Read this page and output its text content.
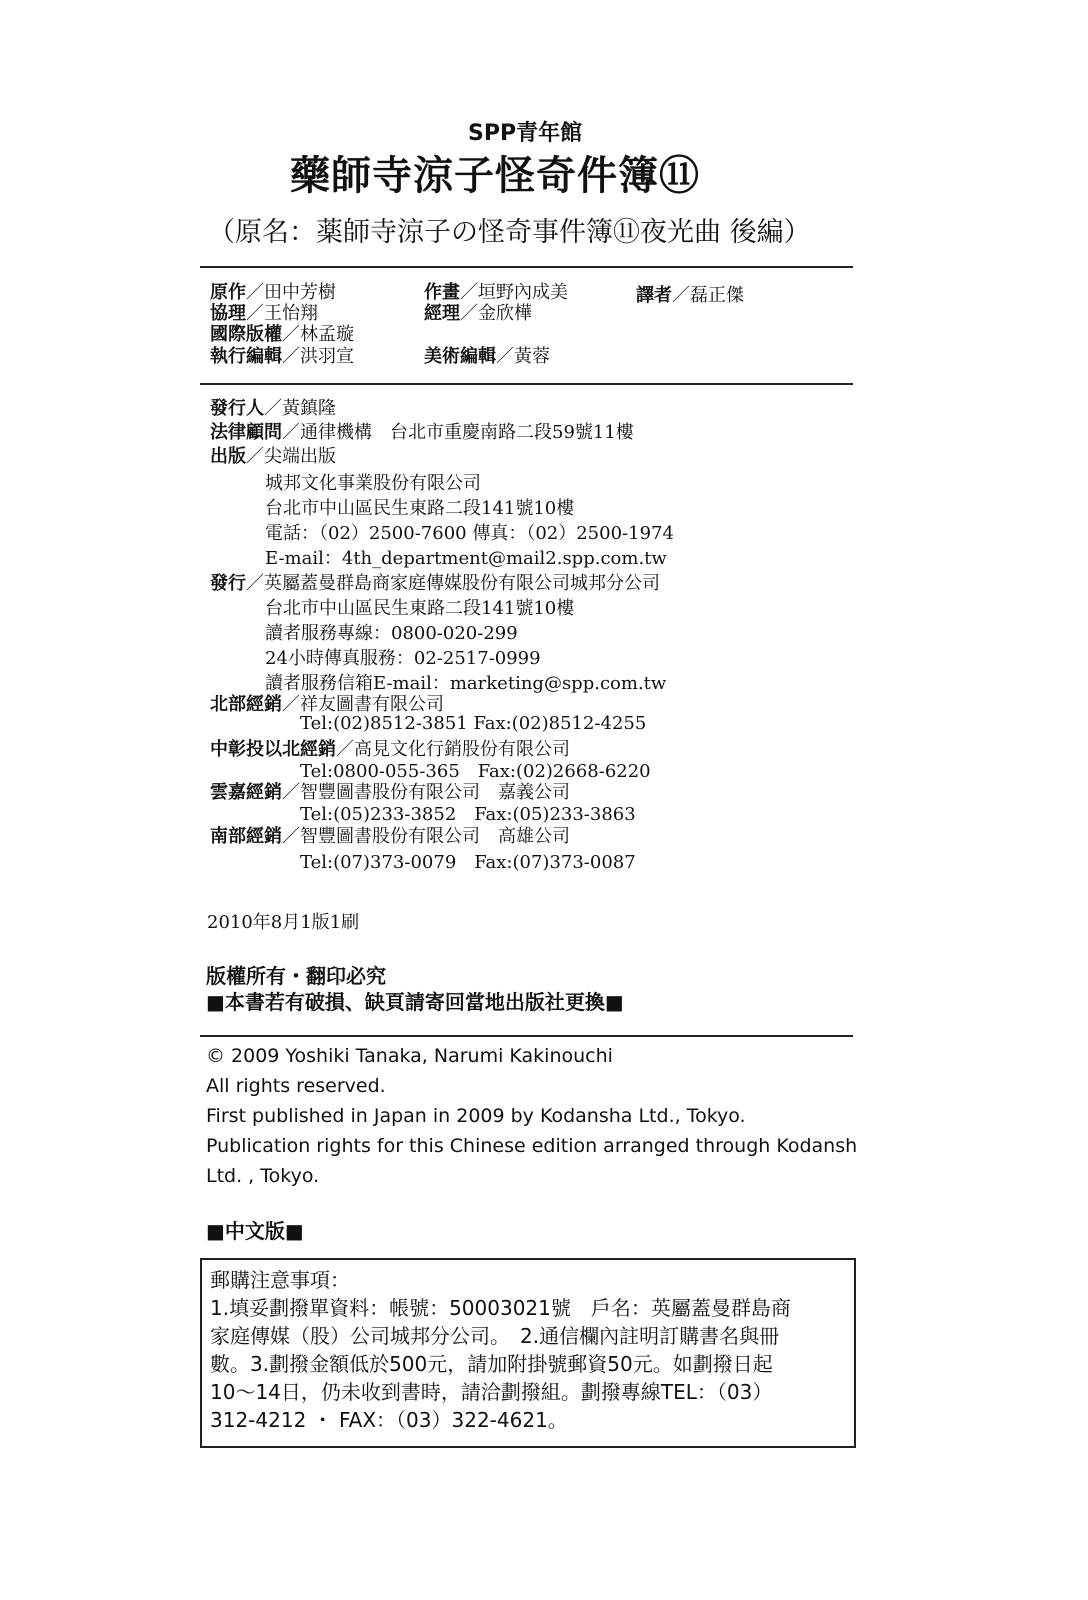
SPP青年館
藥師寺涼子怪奇件簿⑪
（原名：薬師寺涼子の怪奇事件簿⑪夜光曲 後編）
原作／田中芳樹	作畫／垣野內成美	譯者／磊正傑
協理／王怡翔	經理／金欣樺
國際版權／林孟璇
執行編輯／洪羽宣	美術編輯／黃蓉
發行人／黃鎮隆
法律顧問／通律機構　台北市重慶南路二段59號11樓
出版／尖端出版
城邦文化事業股份有限公司
台北市中山區民生東路二段141號10樓
電話：（02）2500-7600 傳真：（02）2500-1974
E-mail：4th_department@mail2.spp.com.tw
發行／英屬蓋曼群島商家庭傳媒股份有限公司城邦分公司
台北市中山區民生東路二段141號10樓
讀者服務專線：0800-020-299
24小時傳真服務：02-2517-0999
讀者服務信箱E-mail：marketing@spp.com.tw
北部經銷／祥友圖書有限公司
Tel:(02)8512-3851 Fax:(02)8512-4255
中彰投以北經銷／高見文化行銷股份有限公司
Tel:0800-055-365　Fax:(02)2668-6220
雲嘉經銷／智豐圖書股份有限公司　嘉義公司
Tel:(05)233-3852　Fax:(05)233-3863
南部經銷／智豐圖書股份有限公司　高雄公司
Tel:(07)373-0079　Fax:(07)373-0087
2010年8月1版1刷
版權所有・翻印必究
■本書若有破損、缺頁請寄回當地出版社更換■
© 2009 Yoshiki Tanaka, Narumi Kakinouchi
All rights reserved.
First published in Japan in 2009 by Kodansha Ltd., Tokyo.
Publication rights for this Chinese edition arranged through Kodansh
Ltd. , Tokyo.
■中文版■
郵購注意事項：
1.填妥劃撥單資料：帳號：50003021號　戶名：英屬蓋曼群島商
家庭傳媒（股）公司城邦分公司。　2.通信欄內註明訂購書名與冊
數。3.劃撥金額低於500元，請加附掛號郵資50元。如劃撥日起
10～14日，仍未收到書時，請洽劃撥組。劃撥專線TEL：（03）
312-4212 ・ FAX：（03）322-4621。
